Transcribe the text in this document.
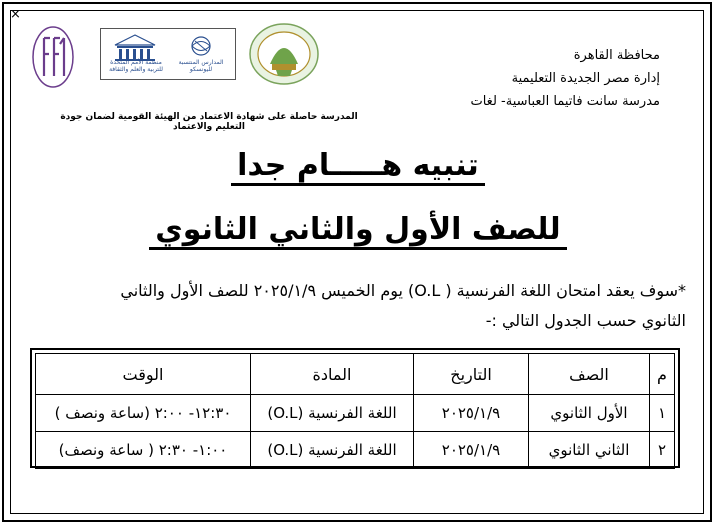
×
منظمة الأمم المتحدة للتربية والعلم والثقافة
المدارس المنتسبة لليونسكو
محافظة القاهرة
إدارة مصر الجديدة التعليمية
مدرسة سانت فاتيما العباسية- لغات
المدرسة حاصلة على شهادة الاعتماد من الهيئة القومية لضمان جودة التعليم والاعتماد
تنبيه هـــــام جدا
للصف الأول والثاني الثانوي
*سوف يعقد امتحان اللغة الفرنسية ( O.L) يوم الخميس ٢٠٢٥/١/٩ للصف الأول والثاني
الثانوي حسب الجدول التالي :-
م	الصف	التاريخ	المادة	الوقت
١	الأول الثانوي	٢٠٢٥/١/٩	اللغة الفرنسية (O.L)	١٢:٣٠- ٢:٠٠ (ساعة ونصف )
٢	الثاني الثانوي	٢٠٢٥/١/٩	اللغة الفرنسية (O.L)	١:٠٠- ٢:٣٠ ( ساعة ونصف)
